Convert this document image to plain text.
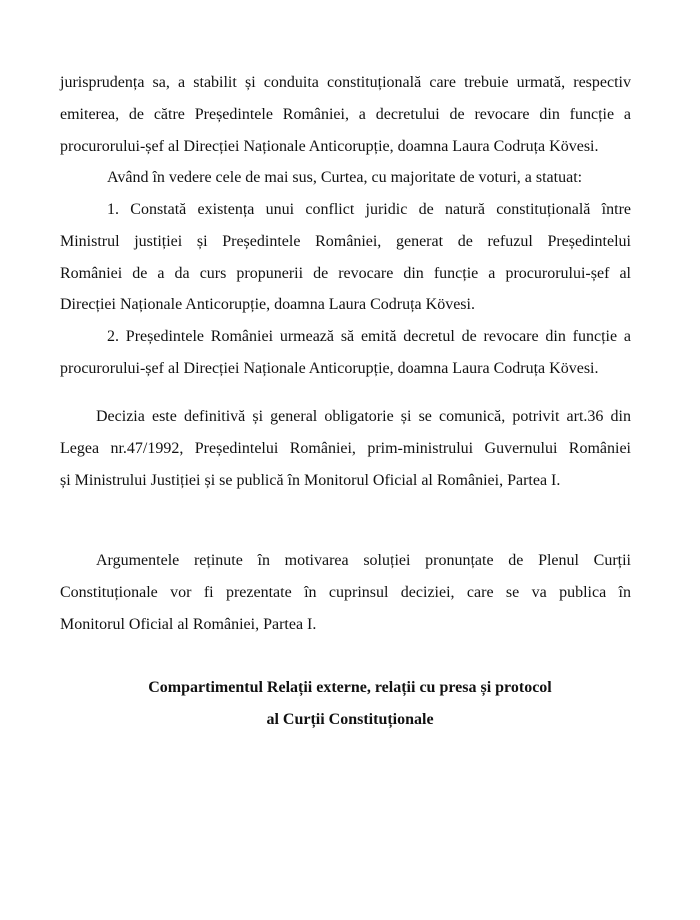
jurisprudența sa, a stabilit și conduita constituțională care trebuie urmată, respectiv
emiterea, de către Președintele României, a decretului de revocare din funcție a
procurorului-șef al Direcției Naționale Anticorupție, doamna Laura Codruța Kövesi.
Având în vedere cele de mai sus, Curtea, cu majoritate de voturi, a statuat:
1. Constată existența unui conflict juridic de natură constituțională între
Ministrul justiției și Președintele României, generat de refuzul Președintelui
României de a da curs propunerii de revocare din funcție a procurorului-șef al
Direcției Naționale Anticorupție, doamna Laura Codruța Kövesi.
2. Președintele României urmează să emită decretul de revocare din funcție a
procurorului-șef al Direcției Naționale Anticorupție, doamna Laura Codruța Kövesi.
Decizia este definitivă și general obligatorie și se comunică, potrivit art.36 din
Legea nr.47/1992, Președintelui României, prim-ministrului Guvernului României
și Ministrului Justiției și se publică în Monitorul Oficial al României, Partea I.
Argumentele reținute în motivarea soluției pronunțate de Plenul Curții
Constituționale vor fi prezentate în cuprinsul deciziei, care se va publica în
Monitorul Oficial al României, Partea I.
Compartimentul Relații externe, relații cu presa și protocol
al Curții Constituționale
